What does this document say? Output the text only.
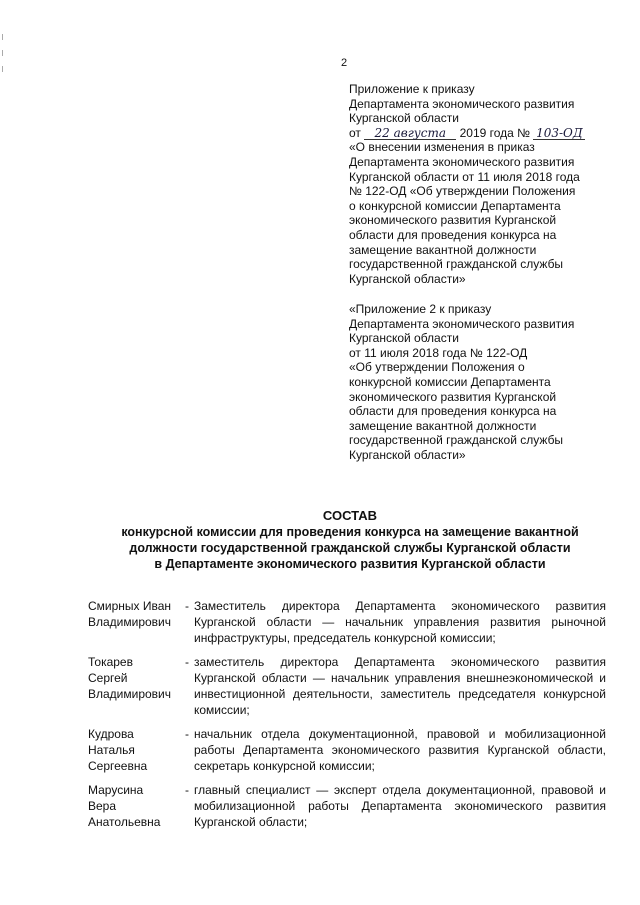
2
Приложение к приказу
Департамента экономического развития
Курганской области
от 22 августа 2019 года № 103-ОД
«О внесении изменения в приказ
Департамента экономического развития
Курганской области от 11 июля 2018 года
№ 122-ОД «Об утверждении Положения
о конкурсной комиссии Департамента
экономического развития Курганской
области для проведения конкурса на
замещение вакантной должности
государственной гражданской службы
Курганской области»
«Приложение 2 к приказу
Департамента экономического развития
Курганской области
от 11 июля 2018 года № 122-ОД
«Об утверждении Положения о
конкурсной комиссии Департамента
экономического развития Курганской
области для проведения конкурса на
замещение вакантной должности
государственной гражданской службы
Курганской области»
СОСТАВ
конкурсной комиссии для проведения конкурса на замещение вакантной
должности государственной гражданской службы Курганской области
в Департаменте экономического развития Курганской области
Смирных Иван
Владимирович
- Заместитель директора Департамента экономического развития Курганской области — начальник управления развития рыночной инфраструктуры, председатель конкурсной комиссии;
Токарев
Сергей
Владимирович
- заместитель директора Департамента экономического развития Курганской области — начальник управления внешнеэкономической и инвестиционной деятельности, заместитель председателя конкурсной комиссии;
Кудрова
Наталья
Сергеевна
- начальник отдела документационной, правовой и мобилизационной работы Департамента экономического развития Курганской области, секретарь конкурсной комиссии;
Марусина
Вера
Анатольевна
- главный специалист — эксперт отдела документационной, правовой и мобилизационной работы Департамента экономического развития Курганской области;
